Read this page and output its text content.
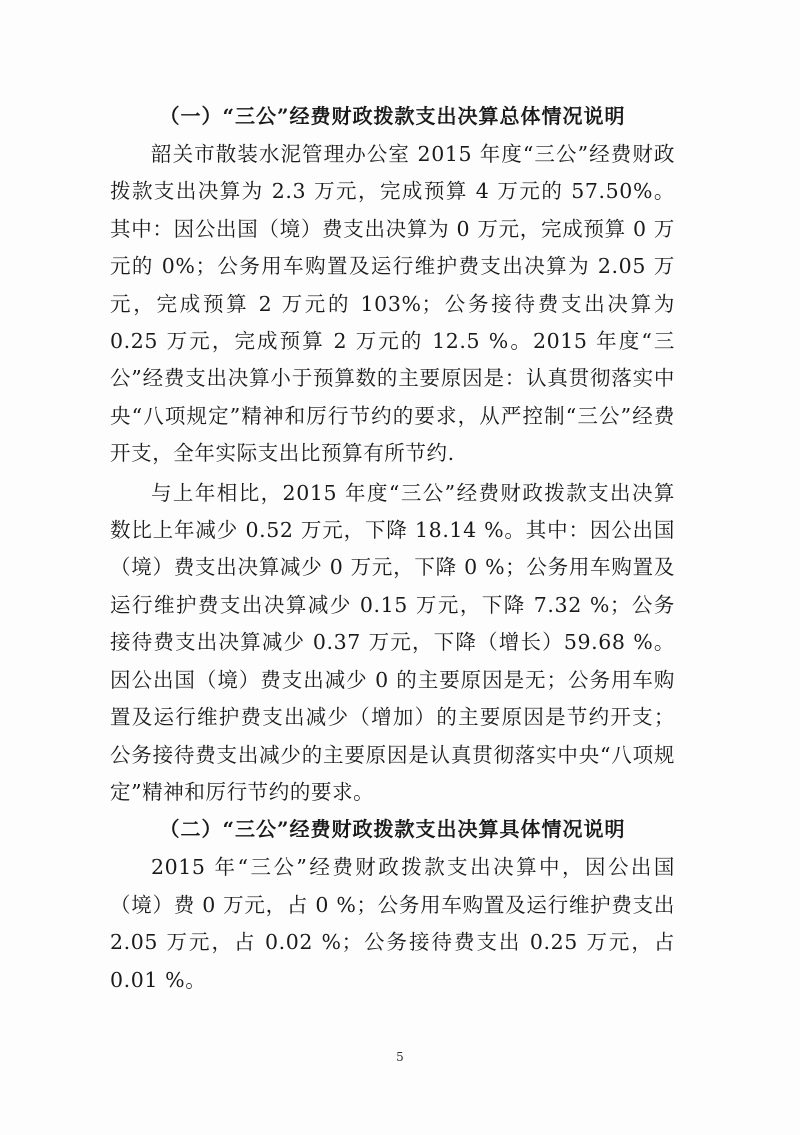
（一）“三公”经费财政拨款支出决算总体情况说明

韶关市散装水泥管理办公室 2015 年度“三公”经费财政拨款支出决算为 2.3 万元，完成预算 4 万元的 57.50%。其中：因公出国（境）费支出决算为 0 万元，完成预算 0 万元的 0%；公务用车购置及运行维护费支出决算为 2.05 万元，完成预算 2 万元的 103%；公务接待费支出决算为 0.25 万元，完成预算 2 万元的 12.5 %。2015 年度“三公”经费支出决算小于预算数的主要原因是：认真贯彻落实中央“八项规定”精神和厉行节约的要求，从严控制“三公”经费开支，全年实际支出比预算有所节约.

与上年相比，2015 年度“三公”经费财政拨款支出决算数比上年减少 0.52 万元，下降 18.14 %。其中：因公出国（境）费支出决算减少 0 万元，下降 0 %；公务用车购置及运行维护费支出决算减少 0.15 万元，下降 7.32 %；公务接待费支出决算减少 0.37 万元，下降（增长）59.68 %。因公出国（境）费支出减少 0 的主要原因是无；公务用车购置及运行维护费支出减少（增加）的主要原因是节约开支；公务接待费支出减少的主要原因是认真贯彻落实中央“八项规定”精神和厉行节约的要求。

（二）“三公”经费财政拨款支出决算具体情况说明

2015 年“三公”经费财政拨款支出决算中，因公出国（境）费 0 万元，占 0 %；公务用车购置及运行维护费支出 2.05 万元，占 0.02 %；公务接待费支出 0.25 万元，占 0.01 %。

5
